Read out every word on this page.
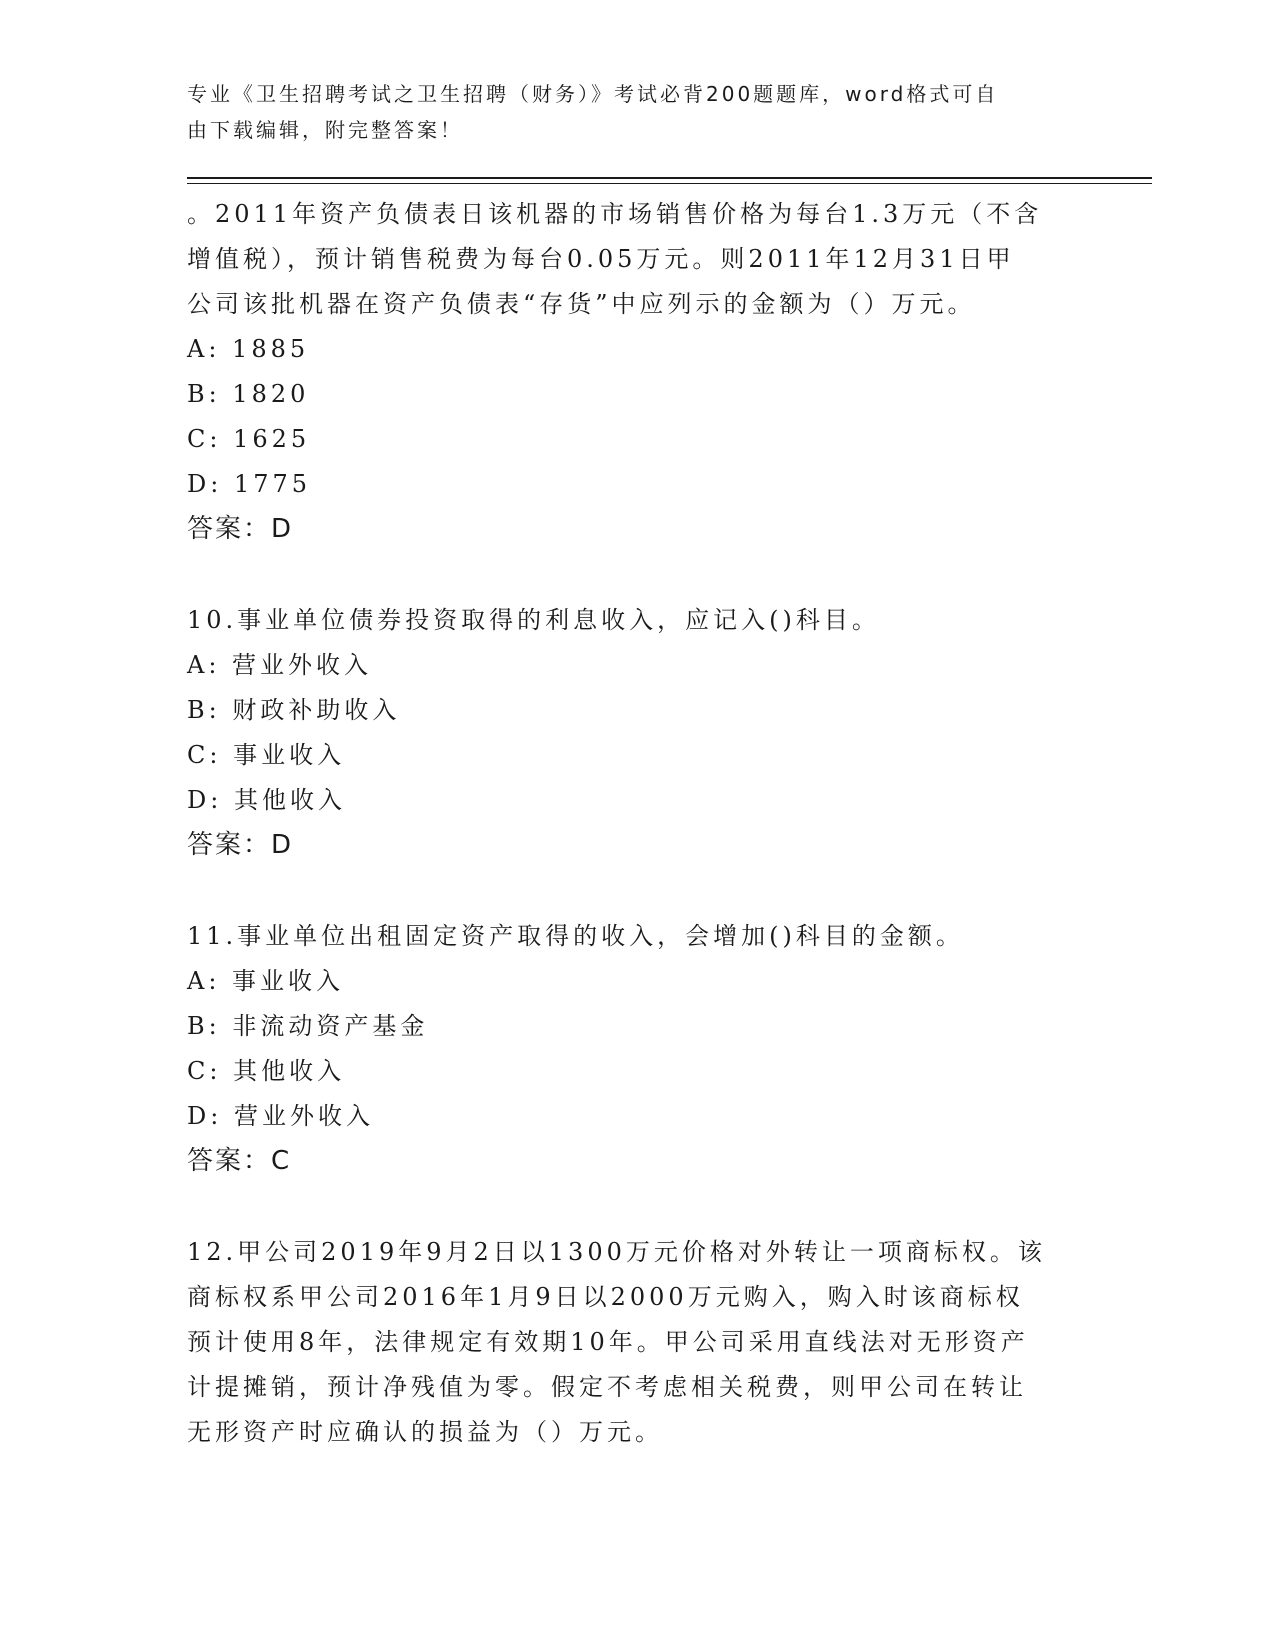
专业《卫生招聘考试之卫生招聘（财务）》考试必背200题题库，word格式可自
由下载编辑，附完整答案！
。2011年资产负债表日该机器的市场销售价格为每台1.3万元（不含
增值税），预计销售税费为每台0.05万元。则2011年12月31日甲
公司该批机器在资产负债表“存货”中应列示的金额为（）万元。
A: 1885
B: 1820
C: 1625
D: 1775
答案：D
10.事业单位债券投资取得的利息收入，应记入()科目。
A: 营业外收入
B: 财政补助收入
C: 事业收入
D: 其他收入
答案：D
11.事业单位出租固定资产取得的收入，会增加()科目的金额。
A: 事业收入
B: 非流动资产基金
C: 其他收入
D: 营业外收入
答案：C
12.甲公司2019年9月2日以1300万元价格对外转让一项商标权。该
商标权系甲公司2016年1月9日以2000万元购入，购入时该商标权
预计使用8年，法律规定有效期10年。甲公司采用直线法对无形资产
计提摊销，预计净残值为零。假定不考虑相关税费，则甲公司在转让
无形资产时应确认的损益为（）万元。
